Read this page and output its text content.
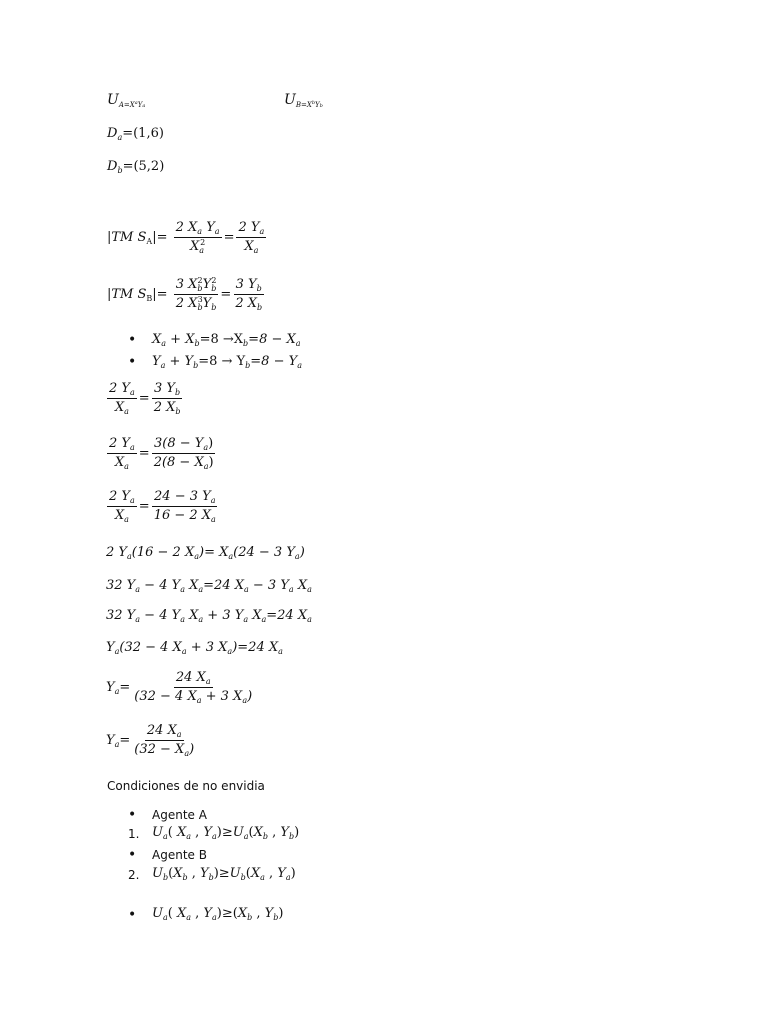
$U_{A=X}a_{Ya}$	$U_{B=X}b_{Yb}$
$D_a=(1,6)$
$D_b=(5,2)$
|TM $S_A|= \frac{2 X_a Y_a}{X_a^2} = \frac{2 Y_a}{X_a}$
|TM $S_B|= \frac{3 X_b^2Y_b^2}{2 X_b^3Y_b} = \frac{3 Y_b}{2 X_b}$
• $X_a + X_b=8 \to X_b=8 - X_a$
• $Y_a + Y_b=8 \to Y_b=8 - Y_a$
$\frac{2 Y_a}{X_a} = \frac{3 Y_b}{2 X_b}$
$\frac{2 Y_a}{X_a} = \frac{3(8 - Y_a)}{2(8 - X_a)}$
$\frac{2 Y_a}{X_a} = \frac{24 - 3 Y_a}{16 - 2 X_a}$
2 $Y_a(16 - 2$ $X_a)= X_a(24 - 3$ $Y_a$)
32 $Y_a - 4$ $Y_a$ $X_a=24$ $X_a - 3$ $Y_a$ $X_a$
32 $Y_a - 4$ $Y_a$ $X_a + 3$ $Y_a$ $X_a=24$ $X_a$
$Y_a(32 - 4$ $X_a + 3$ $X_a)=24$ $X_a$
$Y_a= \frac{24 X_a}{(32 - 4 X_a + 3 X_a)}$
$Y_a= \frac{24 X_a}{(32 - X_a)}$
Condiciones de no envidia
• Agente A
1. $U_a$( $X_a$ , $Y_a)\ge U_a(X_b$ , $Y_b$)
• Agente B
2. $U_b(X_b$ , $Y_b)\ge U_b(X_a$ , $Y_a$)
• $U_a$( $X_a$ , $Y_a)\ge(X_b$ , $Y_b$)
